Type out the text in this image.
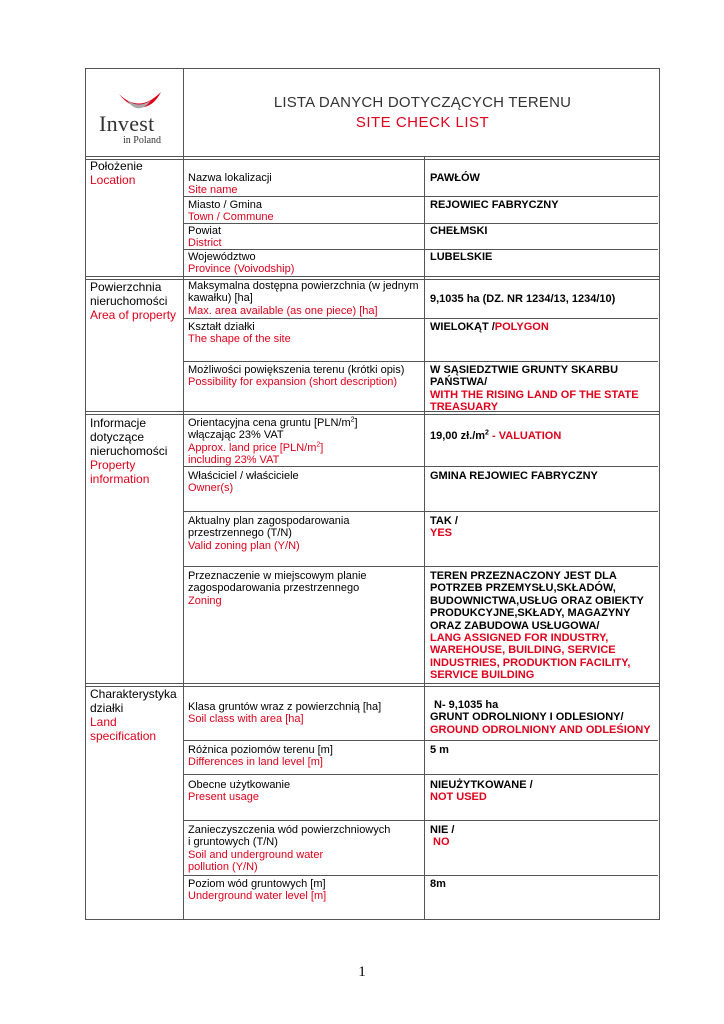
Invest
in Poland
LISTA DANYCH DOTYCZĄCYCH TERENU
SITE CHECK LIST
Położenie
Location	Nazwa lokalizacji
Site name
PAWŁÓW
Miasto / Gmina
Town / Commune
REJOWIEC FABRYCZNY
Powiat
District
CHEŁMSKI
Województwo
Province (Voivodship)
LUBELSKIE
Powierzchnia
nieruchomości
Area of property
Maksymalna dostępna powierzchnia (w jednym
kawałku) [ha]
Max. area available (as one piece) [ha]
9,1035 ha (DZ. NR 1234/13, 1234/10)
Kształt działki
The shape of the site
WIELOKĄT /POLYGON
Możliwości powiększenia terenu (krótki opis)
Possibility for expansion (short description)
W SĄSIEDZTWIE GRUNTY SKARBU
PAŃSTWA/
WITH THE RISING LAND OF THE STATE
TREASUARY
Informacje
dotyczące
nieruchomości
Property
information
Orientacyjna cena gruntu $[PLN/m^2]$
włączając 23% VAT
Approx. land price $[PLN/m^2]$
including 23% VAT
19,00 $zł./m^2$ - VALUATION
Właściciel / właściciele
Owner(s)
GMINA REJOWIEC FABRYCZNY
Aktualny plan zagospodarowania
przestrzennego (T/N)
Valid zoning plan (Y/N)
TAK /
YES
Przeznaczenie w miejscowym planie
zagospodarowania przestrzennego
Zoning
TEREN PRZEZNACZONY JEST DLA
POTRZEB PRZEMYSŁU,SKŁADÓW,
BUDOWNICTWA,USŁUG ORAZ OBIEKTY
PRODUKCYJNE,SKŁADY, MAGAZYNY
ORAZ ZABUDOWA USŁUGOWA/
LANG ASSIGNED FOR INDUSTRY,
WAREHOUSE, BUILDING, SERVICE
INDUSTRIES, PRODUKTION FACILITY,
SERVICE BUILDING
Charakterystyka
działki
Land
specification
Klasa gruntów wraz z powierzchnią [ha]
Soil class with area [ha]
N- 9,1035 ha
GRUNT ODROLNIONY I ODLESIONY/
GROUND ODROLNIONY AND ODLEŚIONY
Różnica poziomów terenu [m]
Differences in land level [m]
5 m
Obecne użytkowanie
Present usage
NIEUŻYTKOWANE /
NOT USED
Zanieczyszczenia wód powierzchniowych
i gruntowych (T/N)
Soil and underground water
pollution (Y/N)
NIE /
NO
Poziom wód gruntowych [m]
Underground water level [m]
8m
1
